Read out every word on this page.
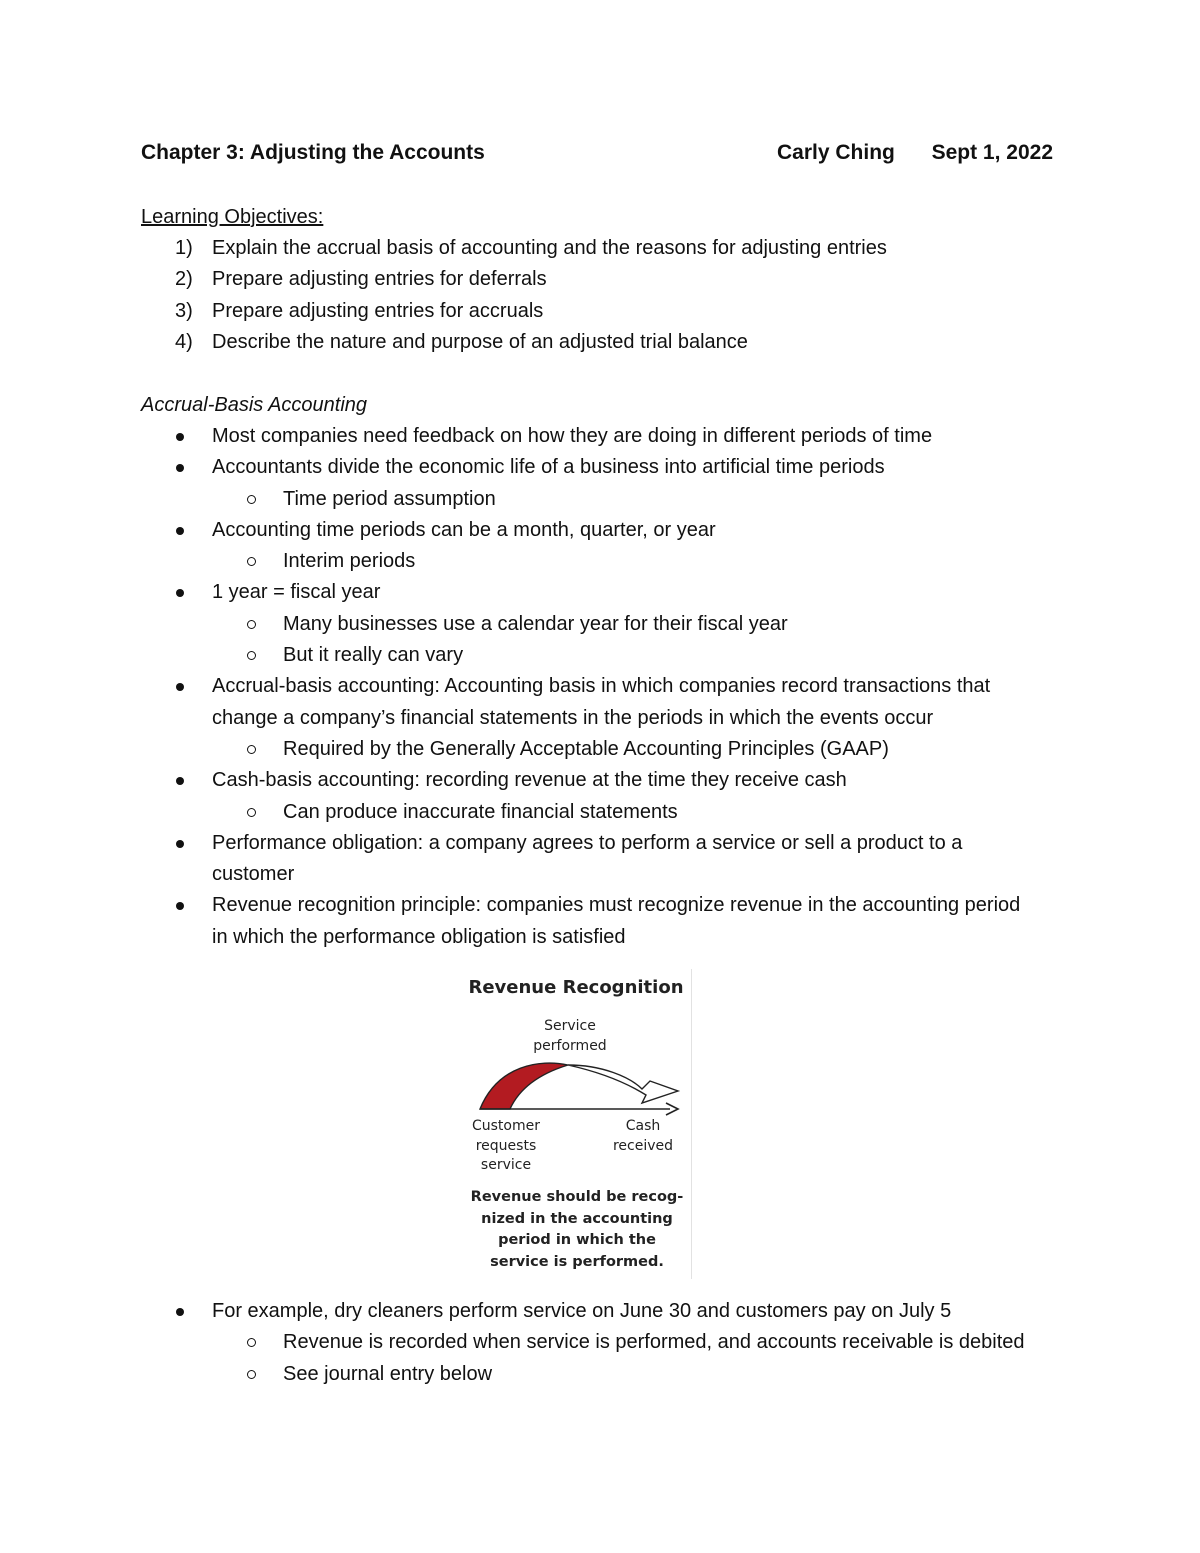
Chapter 3: Adjusting the Accounts	Carly Ching Sept 1, 2022
Learning Objectives:
1) Explain the accrual basis of accounting and the reasons for adjusting entries
2) Prepare adjusting entries for deferrals
3) Prepare adjusting entries for accruals
4) Describe the nature and purpose of an adjusted trial balance
Accrual-Basis Accounting
Most companies need feedback on how they are doing in different periods of time
Accountants divide the economic life of a business into artificial time periods
Time period assumption
Accounting time periods can be a month, quarter, or year
Interim periods
1 year = fiscal year
Many businesses use a calendar year for their fiscal year
But it really can vary
Accrual-basis accounting: Accounting basis in which companies record transactions that
change a company’s financial statements in the periods in which the events occur
Required by the Generally Acceptable Accounting Principles (GAAP)
Cash-basis accounting: recording revenue at the time they receive cash
Can produce inaccurate financial statements
Performance obligation: a company agrees to perform a service or sell a product to a
customer
Revenue recognition principle: companies must recognize revenue in the accounting period
in which the performance obligation is satisfied
Revenue Recognition
Service
performed
Customer
requests
service
Cash
received
Revenue should be recog-
nized in the accounting
period in which the
service is performed.
For example, dry cleaners perform service on June 30 and customers pay on July 5
Revenue is recorded when service is performed, and accounts receivable is debited
See journal entry below
